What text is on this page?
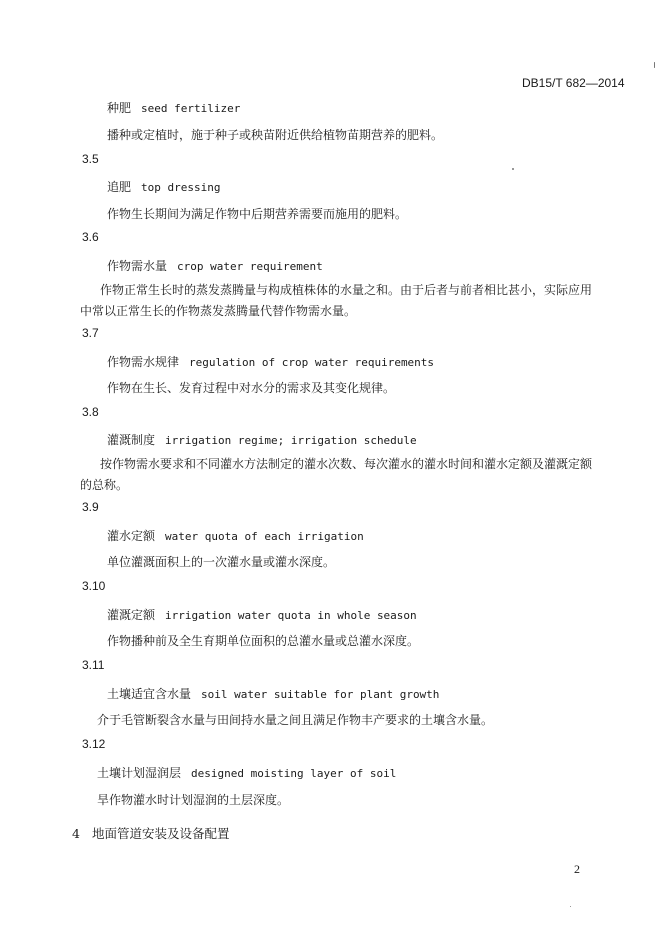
DB15/T 682—2014
种肥 seed fertilizer
播种或定植时，施于种子或秧苗附近供给植物苗期营养的肥料。
3.5
追肥 top dressing
作物生长期间为满足作物中后期营养需要而施用的肥料。
3.6
作物需水量 crop water requirement
作物正常生长时的蒸发蒸腾量与构成植株体的水量之和。由于后者与前者相比甚小，实际应用中常以正常生长的作物蒸发蒸腾量代替作物需水量。
3.7
作物需水规律 regulation of crop water requirements
作物在生长、发育过程中对水分的需求及其变化规律。
3.8
灌溉制度 irrigation regime; irrigation schedule
按作物需水要求和不同灌水方法制定的灌水次数、每次灌水的灌水时间和灌水定额及灌溉定额的总称。
3.9
灌水定额 water quota of each irrigation
单位灌溉面积上的一次灌水量或灌水深度。
3.10
灌溉定额 irrigation water quota in whole season
作物播种前及全生育期单位面积的总灌水量或总灌水深度。
3.11
土壤适宜含水量 soil water suitable for plant growth
介于毛管断裂含水量与田间持水量之间且满足作物丰产要求的土壤含水量。
3.12
土壤计划湿润层 designed moisting layer of soil
旱作物灌水时计划湿润的土层深度。
4 地面管道安装及设备配置
2
